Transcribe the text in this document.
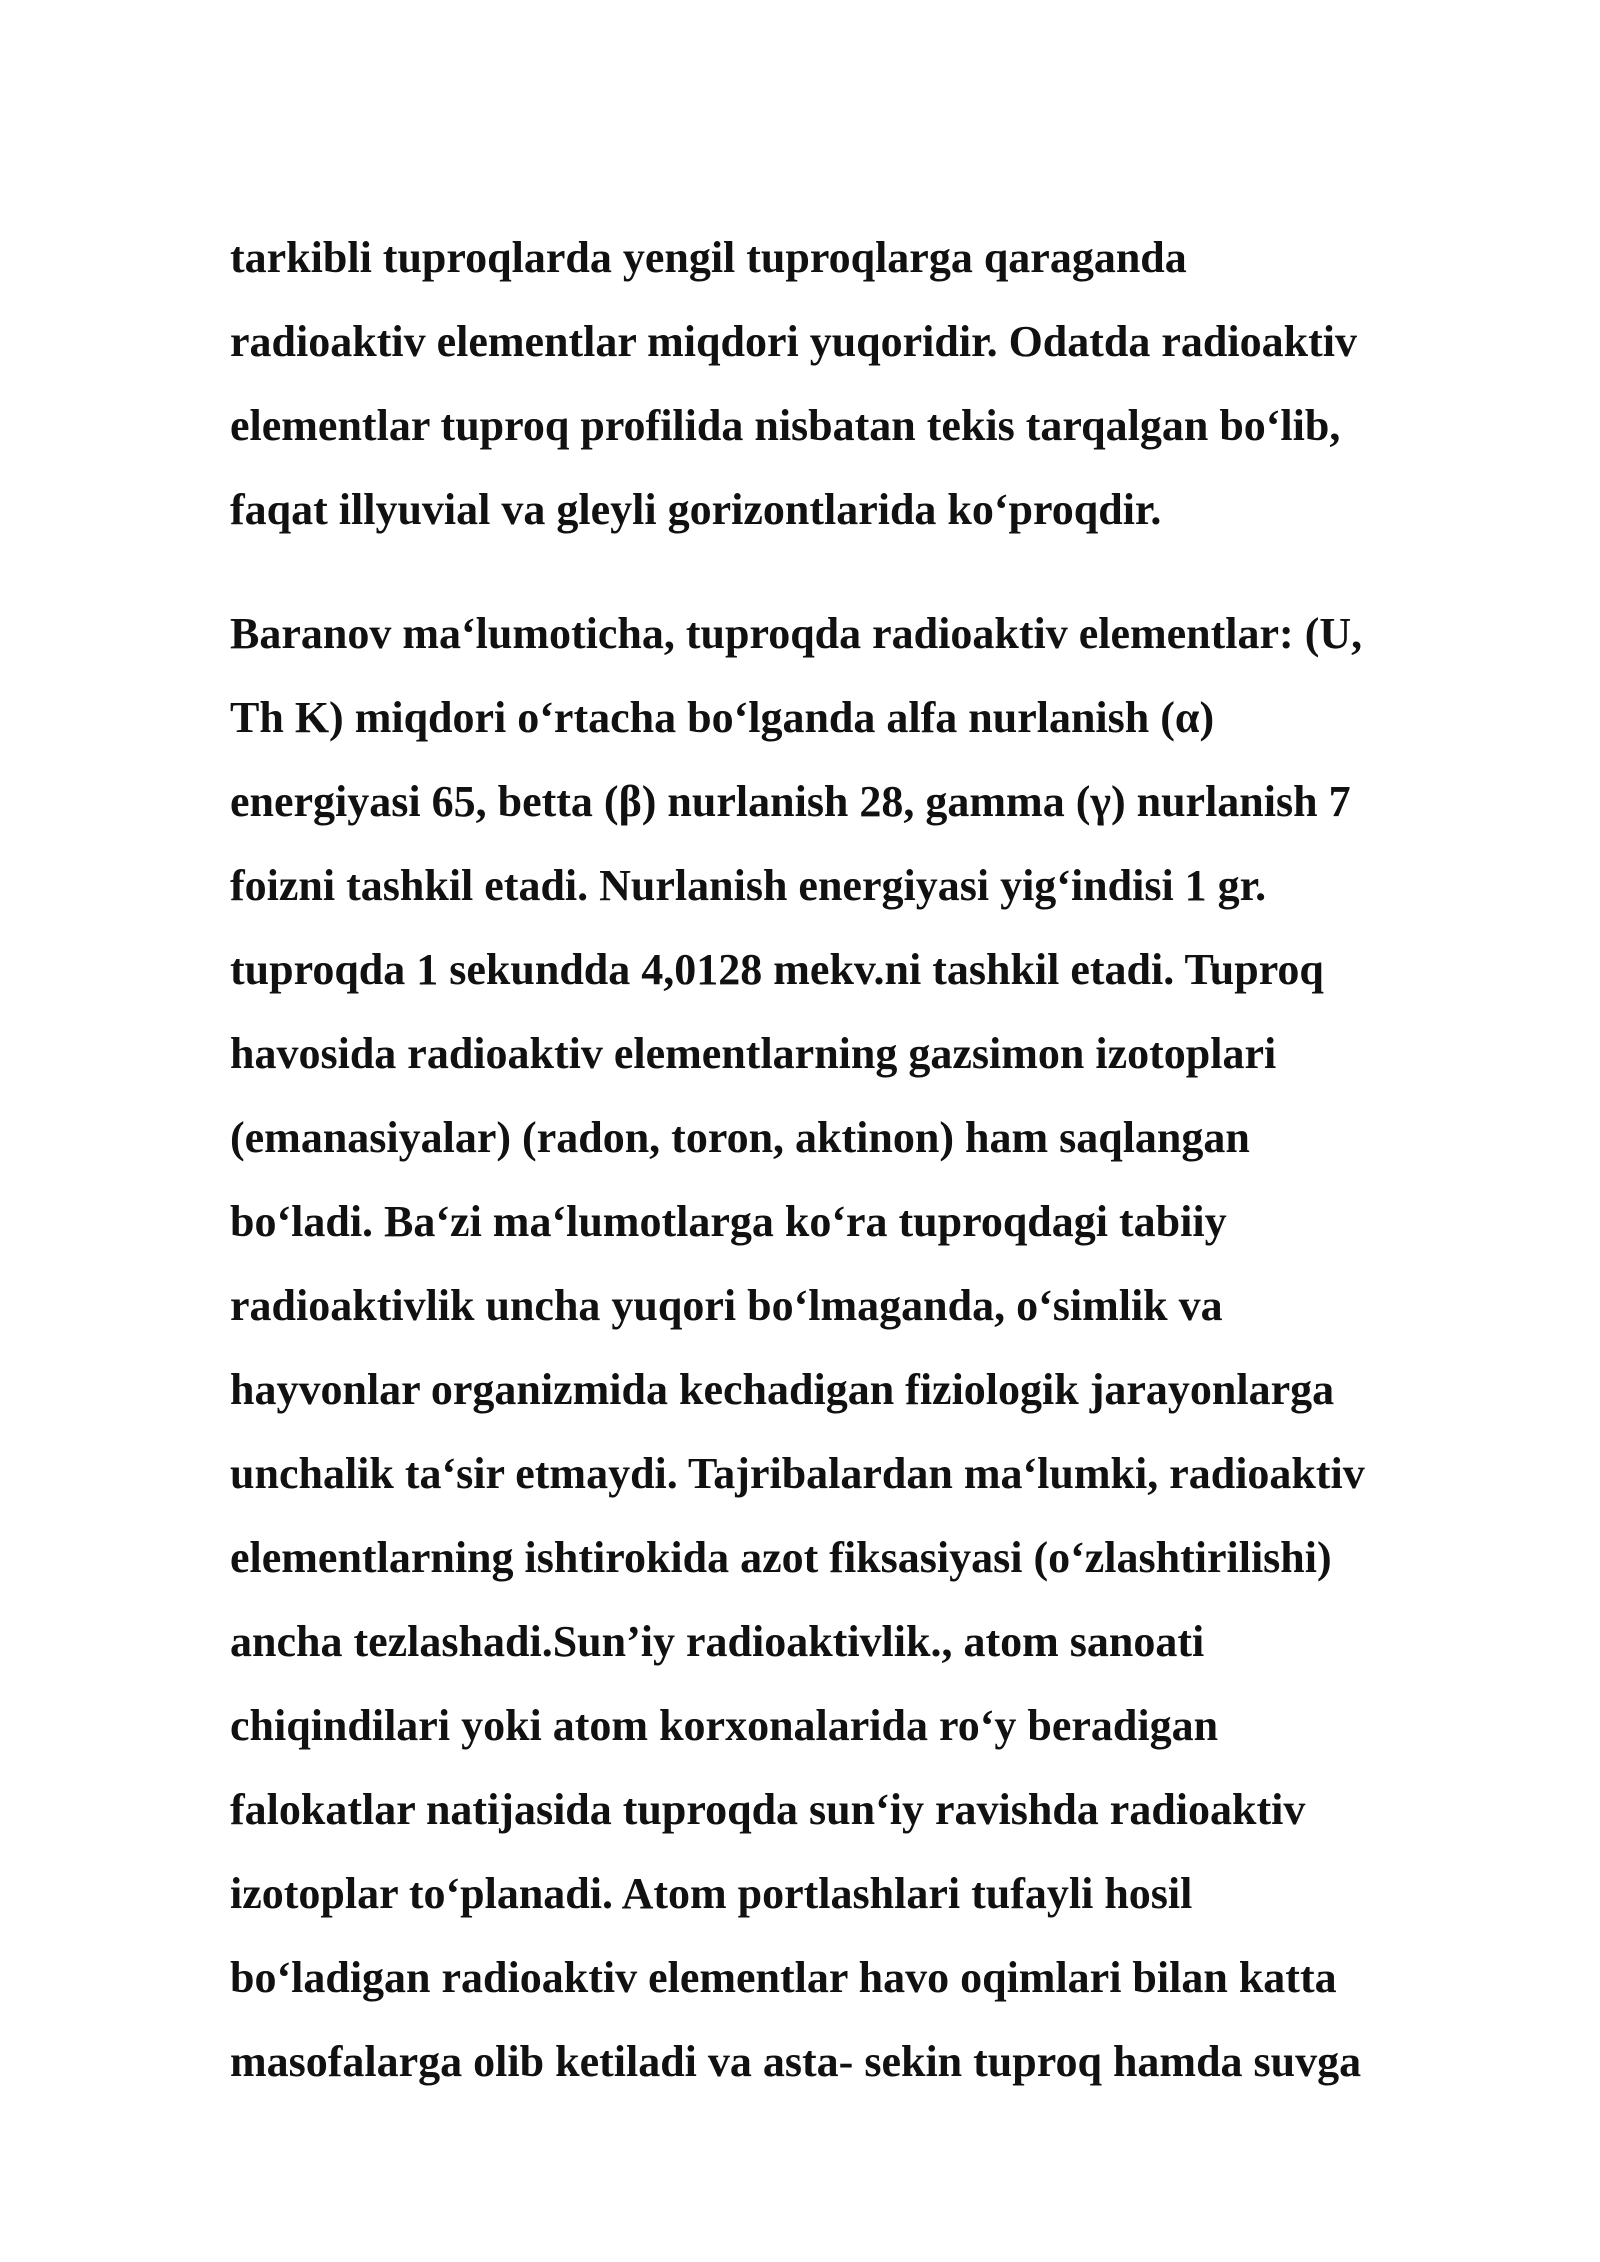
tarkibli tuproqlarda yengil tuproqlarga qaraganda
radioaktiv elementlar miqdori yuqoridir. Odatda radioaktiv
elementlar tuproq profilida nisbatan tekis tarqalgan bo‘lib,
faqat illyuvial va gleyli gorizontlarida ko‘proqdir.

Baranov ma‘lumoticha, tuproqda radioaktiv elementlar: (U,
Th K) miqdori o‘rtacha bo‘lganda alfa nurlanish (α)
energiyasi 65, betta (β) nurlanish 28, gamma (γ) nurlanish 7
foizni tashkil etadi. Nurlanish energiyasi yig‘indisi 1 gr.
tuproqda 1 sekundda 4,0128 mekv.ni tashkil etadi. Tuproq
havosida radioaktiv elementlarning gazsimon izotoplari
(emanasiyalar) (radon, toron, aktinon) ham saqlangan
bo‘ladi. Ba‘zi ma‘lumotlarga ko‘ra tuproqdagi tabiiy
radioaktivlik uncha yuqori bo‘lmaganda, o‘simlik va
hayvonlar organizmida kechadigan fiziologik jarayonlarga
unchalik ta‘sir etmaydi. Tajribalardan ma‘lumki, radioaktiv
elementlarning ishtirokida azot fiksasiyasi (o‘zlashtirilishi)
ancha tezlashadi.Sun’iy radioaktivlik., atom sanoati
chiqindilari yoki atom korxonalarida ro‘y beradigan
falokatlar natijasida tuproqda sun‘iy ravishda radioaktiv
izotoplar to‘planadi. Atom portlashlari tufayli hosil
bo‘ladigan radioaktiv elementlar havo oqimlari bilan katta
masofalarga olib ketiladi va asta- sekin tuproq hamda suvga
